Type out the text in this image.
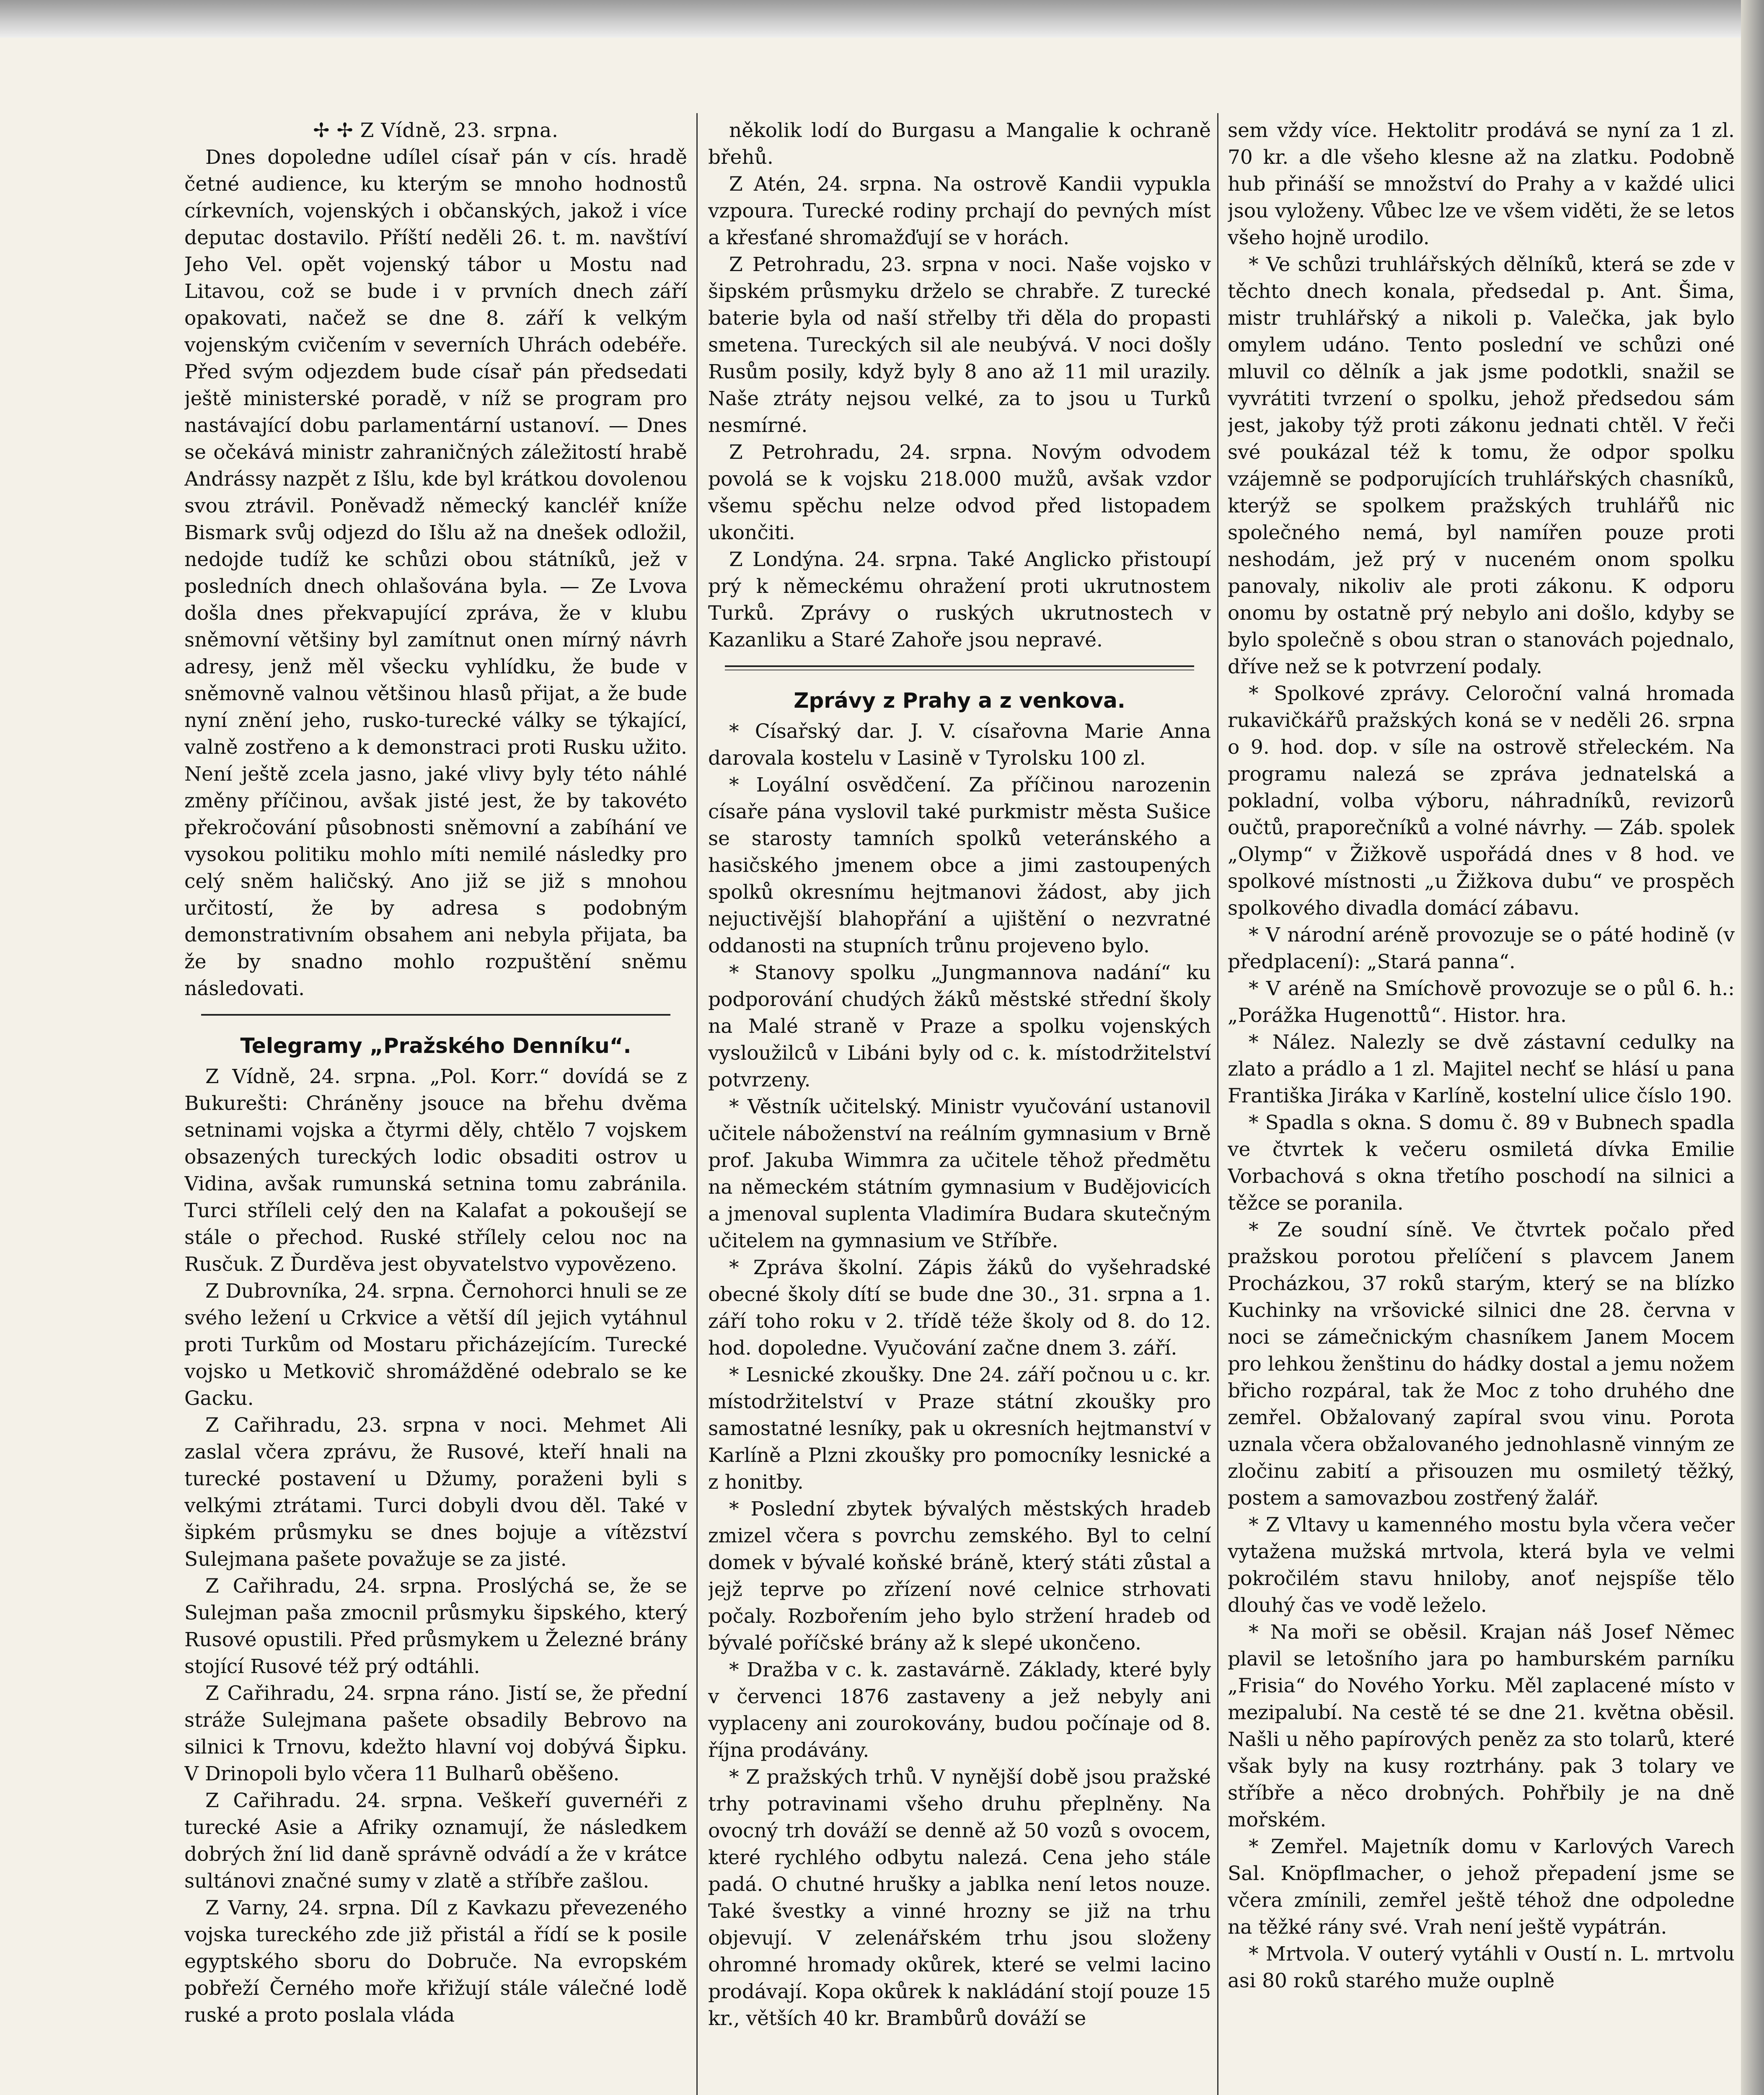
✢ ✢ Z Vídně, 23. srpna.

Dnes dopoledne udílel císař pán v cís. hradě četné audience, ku kterým se mnoho hodnostů církevních, vojenských i občanských, jakož i více deputac dostavilo. Příští neděli 26. t. m. navštíví Jeho Vel. opět vojenský tábor u Mostu nad Litavou, což se bude i v prvních dnech září opakovati, načež se dne 8. září k velkým vojenským cvičením v severních Uhrách odebéře. Před svým odjezdem bude císař pán předsedati ještě ministerské poradě, v níž se program pro nastávající dobu parlamentární ustanoví. — Dnes se očekává ministr zahraničných záležitostí hrabě Andrássy nazpět z Išlu, kde byl krátkou dovolenou svou ztrávil. Poněvadž německý kancléř kníže Bismark svůj odjezd do Išlu až na dnešek odložil, nedojde tudíž ke schůzi obou státníků, jež v posledních dnech ohlašována byla. — Ze Lvova došla dnes překvapující zpráva, že v klubu sněmovní většiny byl zamítnut onen mírný návrh adresy, jenž měl všecku vyhlídku, že bude v sněmovně valnou většinou hlasů přijat, a že bude nyní znění jeho, rusko-turecké války se týkající, valně zostřeno a k demonstraci proti Rusku užito. Není ještě zcela jasno, jaké vlivy byly této náhlé změny příčinou, avšak jisté jest, že by takovéto překročování působnosti sněmovní a zabíhání ve vysokou politiku mohlo míti nemilé následky pro celý sněm haličský. Ano již se již s mnohou určitostí, že by adresa s podobným demonstrativním obsahem ani nebyla přijata, ba že by snadno mohlo rozpuštění sněmu následovati.

Telegramy „Pražského Denníku“.

Z Vídně, 24. srpna. „Pol. Korr.“ dovídá se z Bukurešti: Chráněny jsouce na břehu dvěma setninami vojska a čtyrmi děly, chtělo 7 vojskem obsazených tureckých lodic obsaditi ostrov u Vidina, avšak rumunská setnina tomu zabránila. Turci stříleli celý den na Kalafat a pokoušejí se stále o přechod. Ruské střílely celou noc na Rusčuk. Z Ďurděva jest obyvatelstvo vypovězeno.

Z Dubrovníka, 24. srpna. Černohorci hnuli se ze svého ležení u Crkvice a větší díl jejich vytáhnul proti Turkům od Mostaru přicházejícím. Turecké vojsko u Metkovič shromážděné odebralo se ke Gacku.

Z Cařihradu, 23. srpna v noci. Mehmet Ali zaslal včera zprávu, že Rusové, kteří hnali na turecké postavení u Džumy, poraženi byli s velkými ztrátami. Turci dobyli dvou děl. Také v šipkém průsmyku se dnes bojuje a vítězství Sulejmana pašete považuje se za jisté.

Z Cařihradu, 24. srpna. Proslýchá se, že se Sulejman paša zmocnil průsmyku šipského, který Rusové opustili. Před průsmykem u Železné brány stojící Rusové též prý odtáhli.

Z Cařihradu, 24. srpna ráno. Jistí se, že přední stráže Sulejmana pašete obsadily Bebrovo na silnici k Trnovu, kdežto hlavní voj dobývá Šipku. V Drinopoli bylo včera 11 Bulharů oběšeno.

Z Cařihradu. 24. srpna. Veškeří guvernéři z turecké Asie a Afriky oznamují, že následkem dobrých žní lid daně správně odvádí a že v krátce sultánovi značné sumy v zlatě a stříbře zašlou.

Z Varny, 24. srpna. Díl z Kavkazu převezeného vojska tureckého zde již přistál a řídí se k posile egyptského sboru do Dobruče. Na evropském pobřeží Černého moře křižují stále válečné lodě ruské a proto poslala vláda

několik lodí do Burgasu a Mangalie k ochraně břehů.

Z Atén, 24. srpna. Na ostrově Kandii vypukla vzpoura. Turecké rodiny prchají do pevných míst a křesťané shromažďují se v horách.

Z Petrohradu, 23. srpna v noci. Naše vojsko v šipském průsmyku drželo se chrabře. Z turecké baterie byla od naší střelby tři děla do propasti smetena. Tureckých sil ale neubývá. V noci došly Rusům posily, když byly 8 ano až 11 mil urazily. Naše ztráty nejsou velké, za to jsou u Turků nesmírné.

Z Petrohradu, 24. srpna. Novým odvodem povolá se k vojsku 218.000 mužů, avšak vzdor všemu spěchu nelze odvod před listopadem ukončiti.

Z Londýna. 24. srpna. Také Anglicko přistoupí prý k německému ohražení proti ukrutnostem Turků. Zprávy o ruských ukrutnostech v Kazanliku a Staré Zahoře jsou nepravé.

Zprávy z Prahy a z venkova.

* Císařský dar. J. V. císařovna Marie Anna darovala kostelu v Lasině v Tyrolsku 100 zl.

* Loyální osvědčení. Za příčinou narozenin císaře pána vyslovil také purkmistr města Sušice se starosty tamních spolků veteránského a hasičského jmenem obce a jimi zastoupených spolků okresnímu hejtmanovi žádost, aby jich nejuctivější blahopřání a ujištění o nezvratné oddanosti na stupních trůnu projeveno bylo.

* Stanovy spolku „Jungmannova nadání“ ku podporování chudých žáků městské střední školy na Malé straně v Praze a spolku vojenských vysloužilců v Libáni byly od c. k. místodržitelství potvrzeny.

* Věstník učitelský. Ministr vyučování ustanovil učitele náboženství na reálním gymnasium v Brně prof. Jakuba Wimmra za učitele těhož předmětu na německém státním gymnasium v Budějovicích a jmenoval suplenta Vladimíra Budara skutečným učitelem na gymnasium ve Stříbře.

* Zpráva školní. Zápis žáků do vyšehradské obecné školy dítí se bude dne 30., 31. srpna a 1. září toho roku v 2. třídě téže školy od 8. do 12. hod. dopoledne. Vyučování začne dnem 3. září.

* Lesnické zkoušky. Dne 24. září počnou u c. kr. místodržitelství v Praze státní zkoušky pro samostatné lesníky, pak u okresních hejtmanství v Karlíně a Plzni zkoušky pro pomocníky lesnické a z honitby.

* Poslední zbytek bývalých městských hradeb zmizel včera s povrchu zemského. Byl to celní domek v bývalé koňské bráně, který státi zůstal a jejž teprve po zřízení nové celnice strhovati počaly. Rozbořením jeho bylo stržení hradeb od bývalé poříčské brány až k slepé ukončeno.

* Dražba v c. k. zastavárně. Základy, které byly v červenci 1876 zastaveny a jež nebyly ani vyplaceny ani zourokovány, budou počínaje od 8. října prodávány.

* Z pražských trhů. V nynější době jsou pražské trhy potravinami všeho druhu přeplněny. Na ovocný trh dováží se denně až 50 vozů s ovocem, které rychlého odbytu nalezá. Cena jeho stále padá. O chutné hrušky a jablka není letos nouze. Také švestky a vinné hrozny se již na trhu objevují. V zelenářském trhu jsou složeny ohromné hromady okůrek, které se velmi lacino prodávají. Kopa okůrek k nakládání stojí pouze 15 kr., větších 40 kr. Brambůrů dováží se

sem vždy více. Hektolitr prodává se nyní za 1 zl. 70 kr. a dle všeho klesne až na zlatku. Podobně hub přináší se množství do Prahy a v každé ulici jsou vyloženy. Vůbec lze ve všem viděti, že se letos všeho hojně urodilo.

* Ve schůzi truhlářských dělníků, která se zde v těchto dnech konala, předsedal p. Ant. Šima, mistr truhlářský a nikoli p. Valečka, jak bylo omylem udáno. Tento poslední ve schůzi oné mluvil co dělník a jak jsme podotkli, snažil se vyvrátiti tvrzení o spolku, jehož předsedou sám jest, jakoby týž proti zákonu jednati chtěl. V řeči své poukázal též k tomu, že odpor spolku vzájemně se podporujících truhlářských chasníků, kterýž se spolkem pražských truhlářů nic společného nemá, byl namířen pouze proti neshodám, jež prý v nuceném onom spolku panovaly, nikoliv ale proti zákonu. K odporu onomu by ostatně prý nebylo ani došlo, kdyby se bylo společně s obou stran o stanovách pojednalo, dříve než se k potvrzení podaly.

* Spolkové zprávy. Celoroční valná hromada rukavičkářů pražských koná se v neděli 26. srpna o 9. hod. dop. v síle na ostrově střeleckém. Na programu nalezá se zpráva jednatelská a pokladní, volba výboru, náhradníků, revizorů oučtů, praporečníků a volné návrhy. — Záb. spolek „Olymp“ v Žižkově uspořádá dnes v 8 hod. ve spolkové místnosti „u Žižkova dubu“ ve prospěch spolkového divadla domácí zábavu.

* V národní aréně provozuje se o páté hodině (v předplacení): „Stará panna“.

* V aréně na Smíchově provozuje se o půl 6. h.: „Porážka Hugenottů“. Histor. hra.

* Nález. Nalezly se dvě zástavní cedulky na zlato a prádlo a 1 zl. Majitel nechť se hlásí u pana Františka Jiráka v Karlíně, kostelní ulice číslo 190.

* Spadla s okna. S domu č. 89 v Bubnech spadla ve čtvrtek k večeru osmiletá dívka Emilie Vorbachová s okna třetího poschodí na silnici a těžce se poranila.

* Ze soudní síně. Ve čtvrtek počalo před pražskou porotou přelíčení s plavcem Janem Procházkou, 37 roků starým, který se na blízko Kuchinky na vršovické silnici dne 28. června v noci se zámečnickým chasníkem Janem Mocem pro lehkou ženštinu do hádky dostal a jemu nožem břicho rozpáral, tak že Moc z toho druhého dne zemřel. Obžalovaný zapíral svou vinu. Porota uznala včera obžalovaného jednohlasně vinným ze zločinu zabití a přisouzen mu osmiletý těžký, postem a samovazbou zostřený žalář.

* Z Vltavy u kamenného mostu byla včera večer vytažena mužská mrtvola, která byla ve velmi pokročilém stavu hniloby, anoť nejspíše tělo dlouhý čas ve vodě leželo.

* Na moři se oběsil. Krajan náš Josef Němec plavil se letošního jara po hamburském parníku „Frisia“ do Nového Yorku. Měl zaplacené místo v mezipalubí. Na cestě té se dne 21. května oběsil. Našli u něho papírových peněz za sto tolarů, které však byly na kusy roztrhány. pak 3 tolary ve stříbře a něco drobných. Pohřbily je na dně mořském.

* Zemřel. Majetník domu v Karlových Varech Sal. Knöpflmacher, o jehož přepadení jsme se včera zmínili, zemřel ještě téhož dne odpoledne na těžké rány své. Vrah není ještě vypátrán.

* Mrtvola. V outerý vytáhli v Oustí n. L. mrtvolu asi 80 roků starého muže ouplně
